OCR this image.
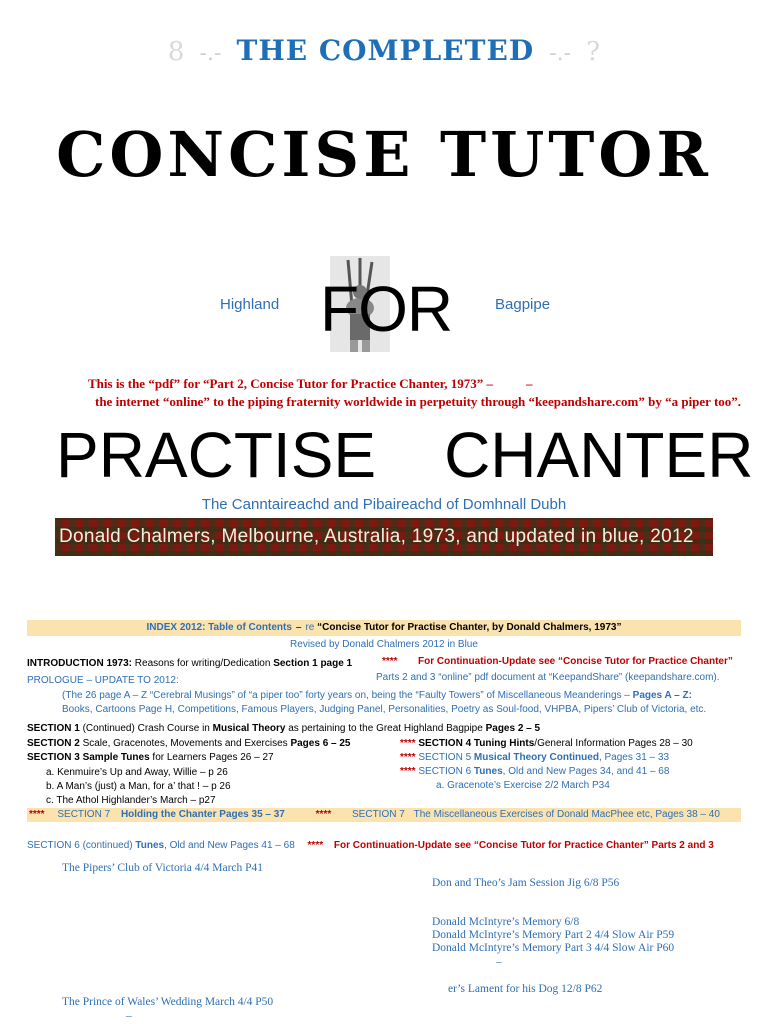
8 -.- THE COMPLETED -.- ?
CONCISE TUTOR
Highland FOR	Bagpipe
This is the “pdf” for “Part 2, Concise Tutor for Practice Chanter, 1973” –	–
the internet “online” to the piping fraternity worldwide in perpetuity through “keepandshare.com” by “a piper too”.
PRACTISE CHANTER
The Canntaireachd and Pibaireachd of Domhnall Dubh
Donald Chalmers, Melbourne, Australia, 1973, and updated in blue, 2012
INDEX 2012: Table of Contents – re “Concise Tutor for Practise Chanter, by Donald Chalmers, 1973”
Revised by Donald Chalmers 2012 in Blue
INTRODUCTION 1973: Reasons for writing/Dedication Section 1 page 1	**** For Continuation-Update see “Concise Tutor for Practice Chanter”
Parts 2 and 3 “online” pdf document at “KeepandShare” (keepandshare.com).
PROLOGUE – UPDATE TO 2012:
(The 26 page A – Z “Cerebral Musings” of “a piper too” forty years on, being the “Faulty Towers” of Miscellaneous Meanderings – Pages A – Z:
Books, Cartoons Page H, Competitions, Famous Players, Judging Panel, Personalities, Poetry as Soul-food, VHPBA, Pipers’ Club of Victoria, etc.
SECTION 1 (Continued) Crash Course in Musical Theory as pertaining to the Great Highland Bagpipe Pages 2 – 5
SECTION 2 Scale, Gracenotes, Movements and Exercises Pages 6 – 25	**** SECTION 4 Tuning Hints/General Information Pages 28 – 30
SECTION 3 Sample Tunes for Learners Pages 26 – 27	**** SECTION 5 Musical Theory Continued, Pages 31 – 33
a. Kenmuire’s Up and Away, Willie – p 26	**** SECTION 6 Tunes, Old and New Pages 34, and 41 – 68
b. A Man’s (just) a Man, for a’ that ! – p 26	a. Gracenote’s Exercise 2/2 March P34
c. The Athol Highlander’s March – p27
**** SECTION 7 Holding the Chanter Pages 35 – 37	**** SECTION 7 The Miscellaneous Exercises of Donald MacPhee etc, Pages 38 – 40
SECTION 6 (continued) Tunes, Old and New Pages 41 – 68 **** For Continuation-Update see “Concise Tutor for Practice Chanter” Parts 2 and 3
The Pipers’ Club of Victoria 4/4 March P41
Don and Theo’s Jam Session Jig 6/8 P56
Donald McIntyre’s Memory 6/8
Donald McIntyre’s Memory Part 2 4/4 Slow Air P59
Donald McIntyre’s Memory Part 3 4/4 Slow Air P60
–
er’s Lament for his Dog 12/8 P62
The Prince of Wales’ Wedding March 4/4 P50
–
